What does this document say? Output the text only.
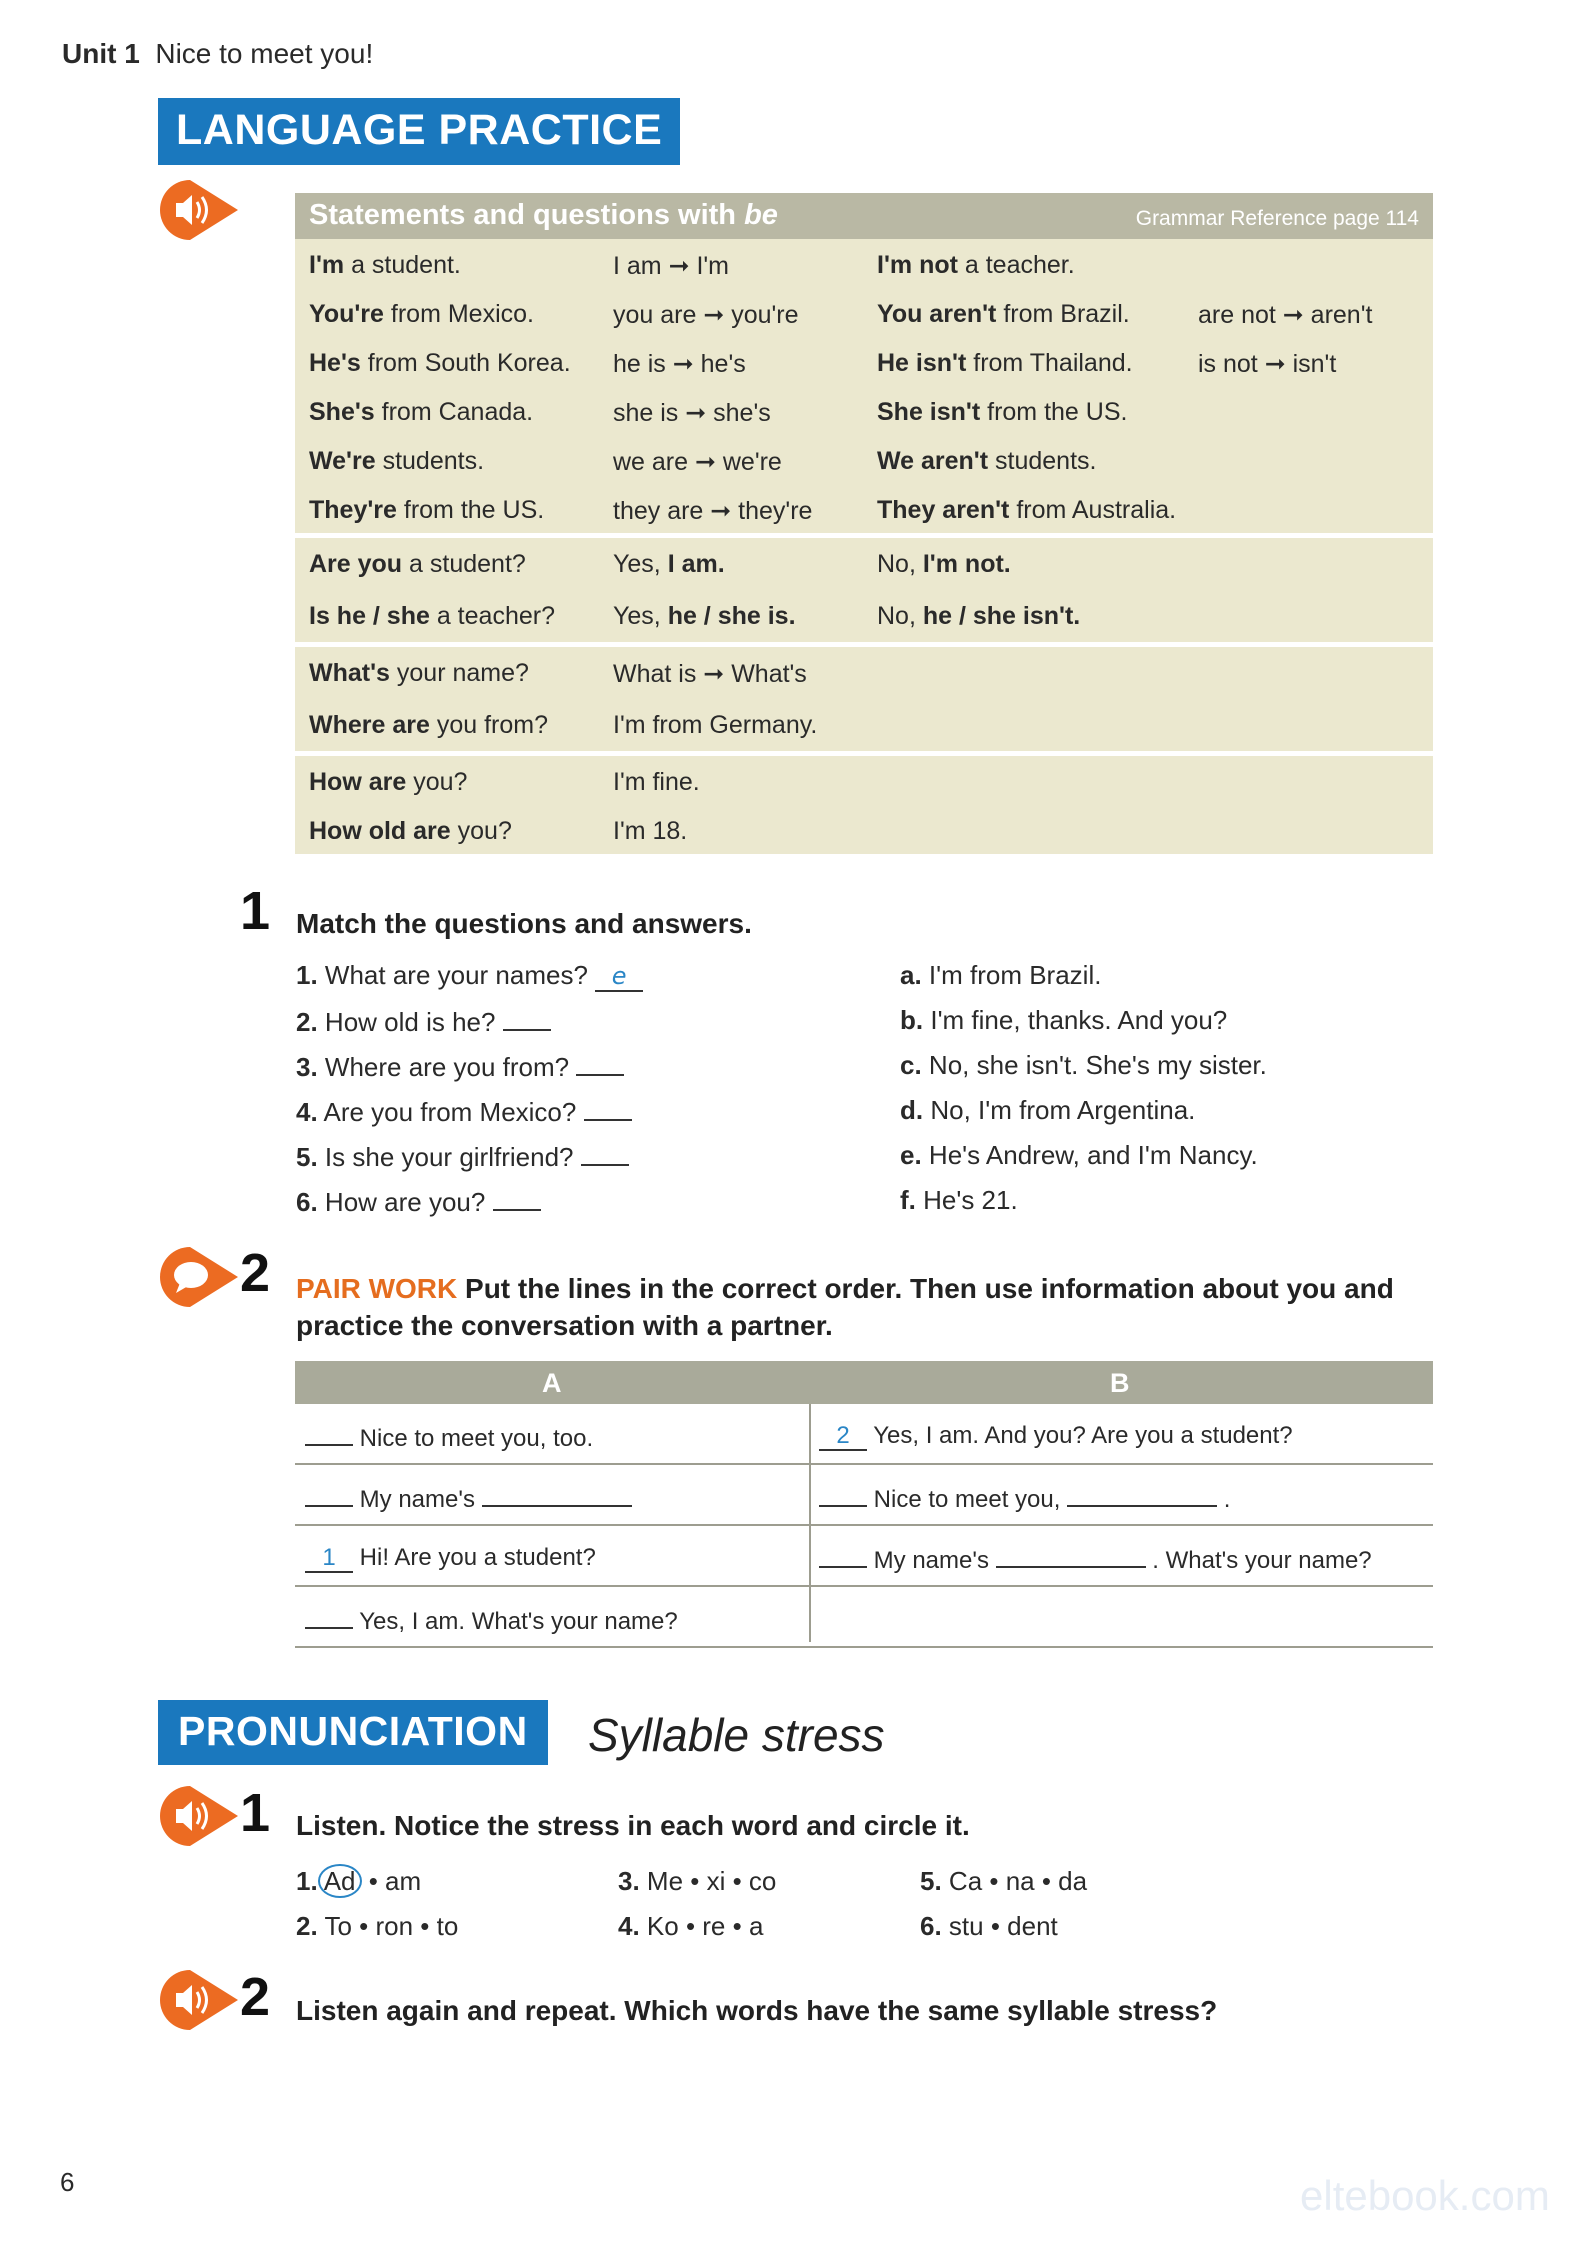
Unit 1 Nice to meet you!
LANGUAGE PRACTICE
Statements and questions with be	Grammar Reference page 114
I'm a student.	I am ➞ I'm	I'm not a teacher.
You're from Mexico.	you are ➞ you're	You aren't from Brazil.	are not ➞ aren't
He's from South Korea. he is ➞ he's	He isn't from Thailand.	is not ➞ isn't
She's from Canada.	she is ➞ she's	She isn't from the US.
We're students.	we are ➞ we're	We aren't students.
They're from the US.	they are ➞ they're	They aren't from Australia.
Are you a student?	Yes, I am.	No, I'm not.
Is he / she a teacher? Yes, he / she is.	No, he / she isn't.
What's your name?	What is ➞ What's
Where are you from?	I'm from Germany.
How are you?	I'm fine.
How old are you?	I'm 18.
1 Match the questions and answers.
1. What are your names? e
2. How old is he?
3. Where are you from?
4. Are you from Mexico?
5. Is she your girlfriend?
6. How are you?
a. I'm from Brazil.
b. I'm fine, thanks. And you?
c. No, she isn't. She's my sister.
d. No, I'm from Argentina.
e. He's Andrew, and I'm Nancy.
f. He's 21.
2 PAIR WORK Put the lines in the correct order. Then use information about you and
practice the conversation with a partner.
A	B
Nice to meet you, too.	2 Yes, I am. And you? Are you a student?
My name's	Nice to meet you,	.
1 Hi! Are you a student?	My name's	. What's your name?
Yes, I am. What's your name?
PRONUNCIATION	Syllable stress
1 Listen. Notice the stress in each word and circle it.
1. Ad • am	3. Me • xi • co	5. Ca • na • da
2. To • ron • to	4. Ko • re • a	6. stu • dent
2 Listen again and repeat. Which words have the same syllable stress?
6	eltebook.com
